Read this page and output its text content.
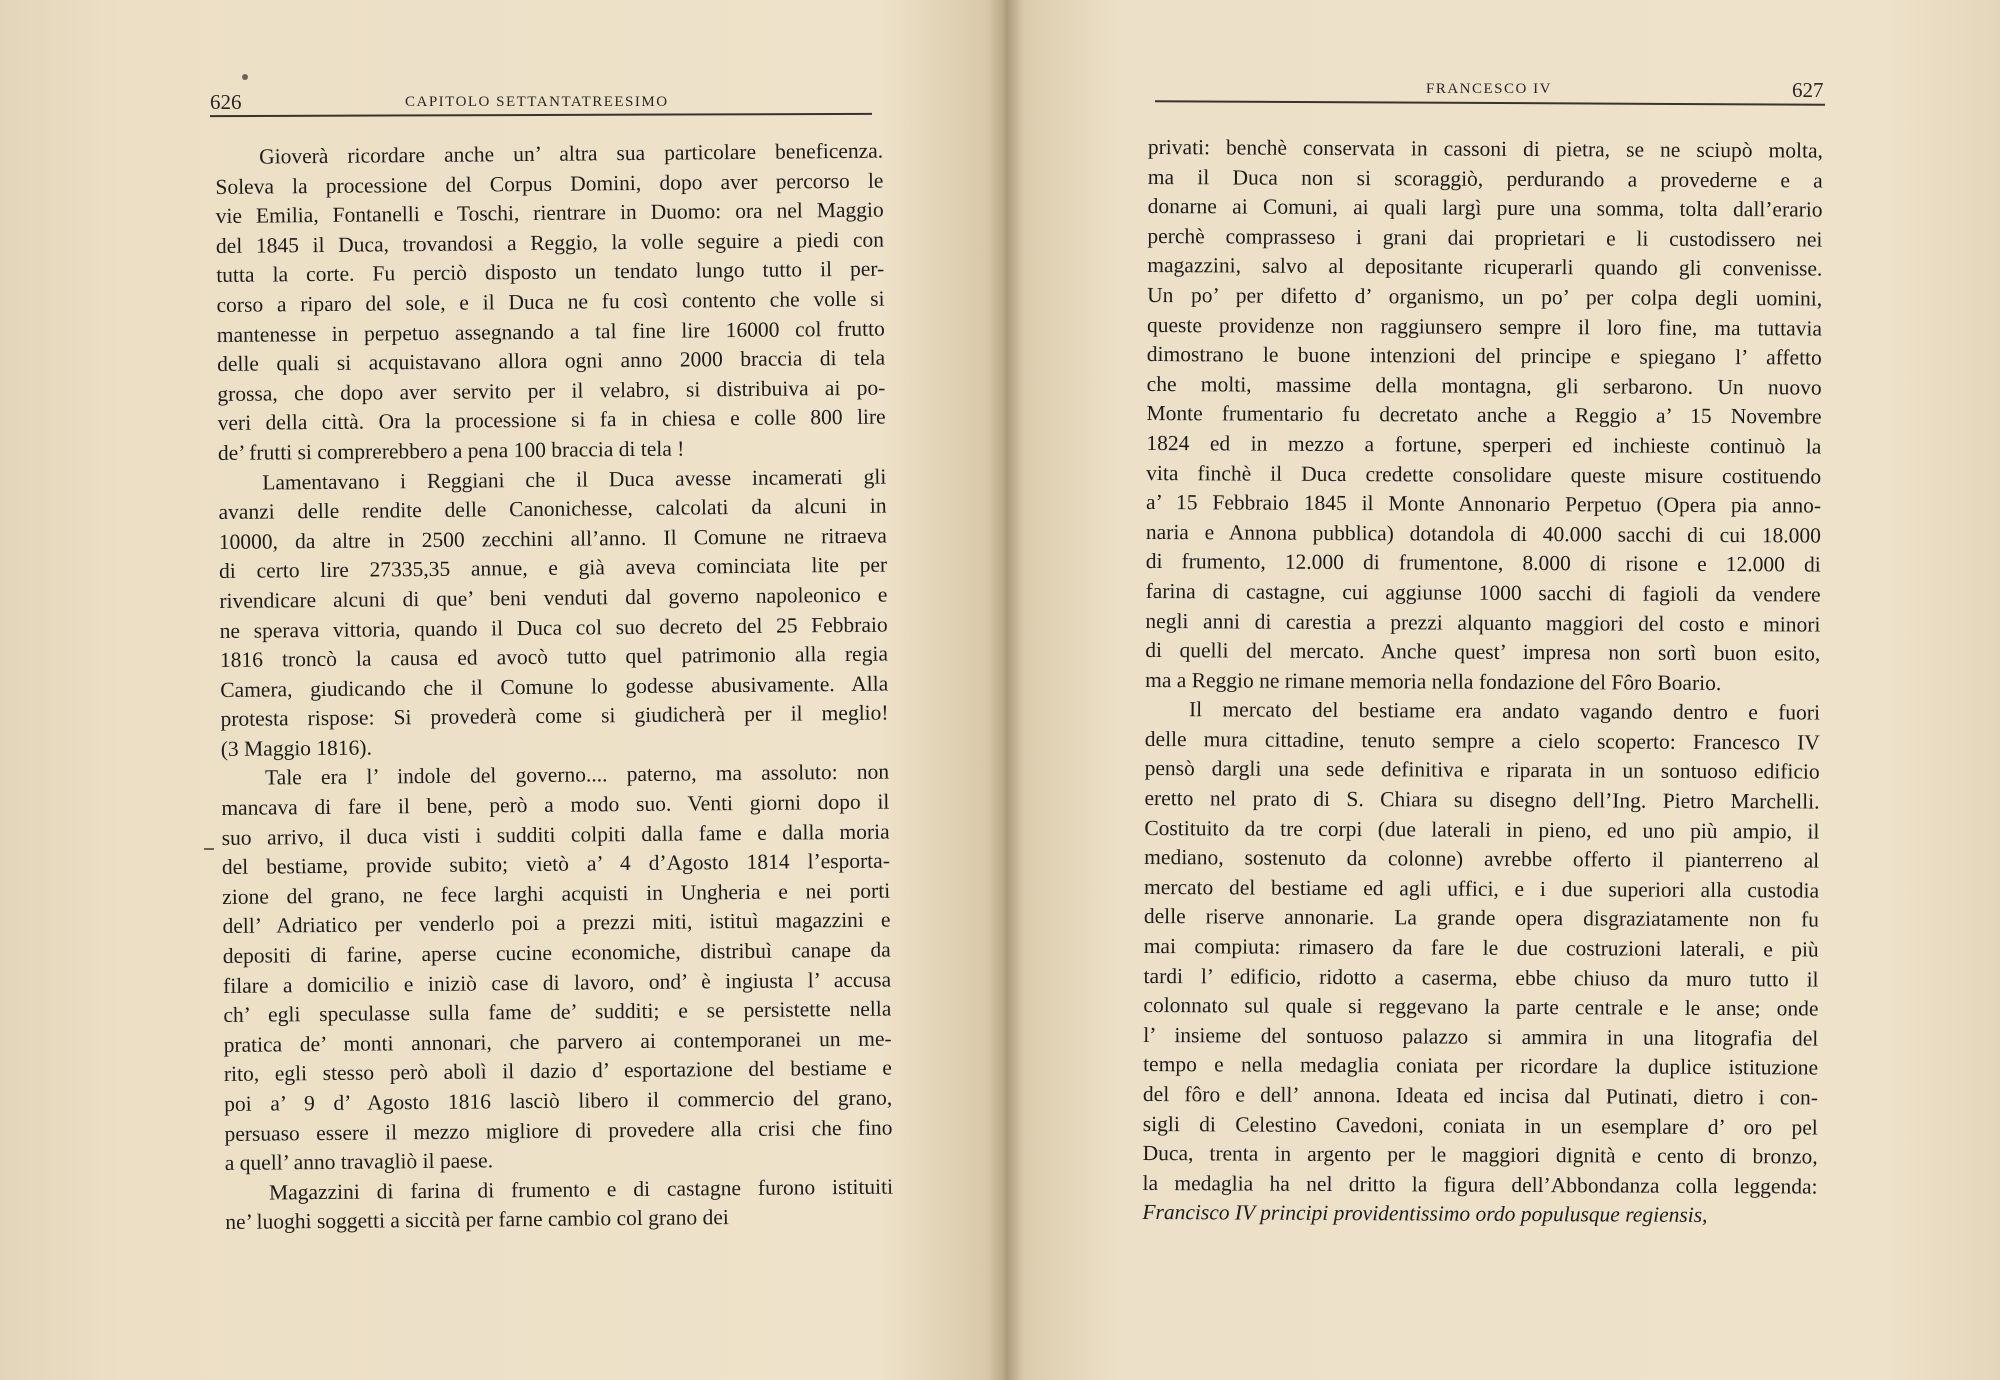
626	CAPITOLO SETTANTATREESIMO
Gioverà ricordare anche un’ altra sua particolare beneficenza.
Soleva la processione del Corpus Domini, dopo aver percorso le
vie Emilia, Fontanelli e Toschi, rientrare in Duomo: ora nel Maggio
del 1845 il Duca, trovandosi a Reggio, la volle seguire a piedi con
tutta la corte. Fu perciò disposto un tendato lungo tutto il per-
corso a riparo del sole, e il Duca ne fu così contento che volle si
mantenesse in perpetuo assegnando a tal fine lire 16000 col frutto
delle quali si acquistavano allora ogni anno 2000 braccia di tela
grossa, che dopo aver servito per il velabro, si distribuiva ai po-
veri della città. Ora la processione si fa in chiesa e colle 800 lire
de’ frutti si comprerebbero a pena 100 braccia di tela !
Lamentavano i Reggiani che il Duca avesse incamerati gli
avanzi delle rendite delle Canonichesse, calcolati da alcuni in
10000, da altre in 2500 zecchini all’anno. Il Comune ne ritraeva
di certo lire 27335,35 annue, e già aveva cominciata lite per
rivendicare alcuni di que’ beni venduti dal governo napoleonico e
ne sperava vittoria, quando il Duca col suo decreto del 25 Febbraio
1816 troncò la causa ed avocò tutto quel patrimonio alla regia
Camera, giudicando che il Comune lo godesse abusivamente. Alla
protesta rispose: Si provederà come si giudicherà per il meglio!
(3 Maggio 1816).
Tale era l’ indole del governo.... paterno, ma assoluto: non
mancava di fare il bene, però a modo suo. Venti giorni dopo il
suo arrivo, il duca visti i sudditi colpiti dalla fame e dalla moria
del bestiame, provide subito; vietò a’ 4 d’Agosto 1814 l’esporta-
zione del grano, ne fece larghi acquisti in Ungheria e nei porti
dell’ Adriatico per venderlo poi a prezzi miti, istituì magazzini e
depositi di farine, aperse cucine economiche, distribuì canape da
filare a domicilio e iniziò case di lavoro, ond’ è ingiusta l’ accusa
ch’ egli speculasse sulla fame de’ sudditi; e se persistette nella
pratica de’ monti annonari, che parvero ai contemporanei un me-
rito, egli stesso però abolì il dazio d’ esportazione del bestiame e
poi a’ 9 d’ Agosto 1816 lasciò libero il commercio del grano,
persuaso essere il mezzo migliore di provedere alla crisi che fino
a quell’ anno travagliò il paese.
Magazzini di farina di frumento e di castagne furono istituiti
ne’ luoghi soggetti a siccità per farne cambio col grano dei
FRANCESCO IV	627
privati: benchè conservata in cassoni di pietra, se ne sciupò molta,
ma il Duca non si scoraggiò, perdurando a provederne e a
donarne ai Comuni, ai quali largì pure una somma, tolta dall’erario
perchè comprasseso i grani dai proprietari e li custodissero nei
magazzini, salvo al depositante ricuperarli quando gli convenisse.
Un po’ per difetto d’ organismo, un po’ per colpa degli uomini,
queste providenze non raggiunsero sempre il loro fine, ma tuttavia
dimostrano le buone intenzioni del principe e spiegano l’ affetto
che molti, massime della montagna, gli serbarono. Un nuovo
Monte frumentario fu decretato anche a Reggio a’ 15 Novembre
1824 ed in mezzo a fortune, sperperi ed inchieste continuò la
vita finchè il Duca credette consolidare queste misure costituendo
a’ 15 Febbraio 1845 il Monte Annonario Perpetuo (Opera pia anno-
naria e Annona pubblica) dotandola di 40.000 sacchi di cui 18.000
di frumento, 12.000 di frumentone, 8.000 di risone e 12.000 di
farina di castagne, cui aggiunse 1000 sacchi di fagioli da vendere
negli anni di carestia a prezzi alquanto maggiori del costo e minori
di quelli del mercato. Anche quest’ impresa non sortì buon esito,
ma a Reggio ne rimane memoria nella fondazione del Fôro Boario.
Il mercato del bestiame era andato vagando dentro e fuori
delle mura cittadine, tenuto sempre a cielo scoperto: Francesco IV
pensò dargli una sede definitiva e riparata in un sontuoso edificio
eretto nel prato di S. Chiara su disegno dell’Ing. Pietro Marchelli.
Costituito da tre corpi (due laterali in pieno, ed uno più ampio, il
mediano, sostenuto da colonne) avrebbe offerto il pianterreno al
mercato del bestiame ed agli uffici, e i due superiori alla custodia
delle riserve annonarie. La grande opera disgraziatamente non fu
mai compiuta: rimasero da fare le due costruzioni laterali, e più
tardi l’ edificio, ridotto a caserma, ebbe chiuso da muro tutto il
colonnato sul quale si reggevano la parte centrale e le anse; onde
l’ insieme del sontuoso palazzo si ammira in una litografia del
tempo e nella medaglia coniata per ricordare la duplice istituzione
del fôro e dell’ annona. Ideata ed incisa dal Putinati, dietro i con-
sigli di Celestino Cavedoni, coniata in un esemplare d’ oro pel
Duca, trenta in argento per le maggiori dignità e cento di bronzo,
la medaglia ha nel dritto la figura dell’Abbondanza colla leggenda:
Francisco IV principi providentissimo ordo populusque regiensis,
